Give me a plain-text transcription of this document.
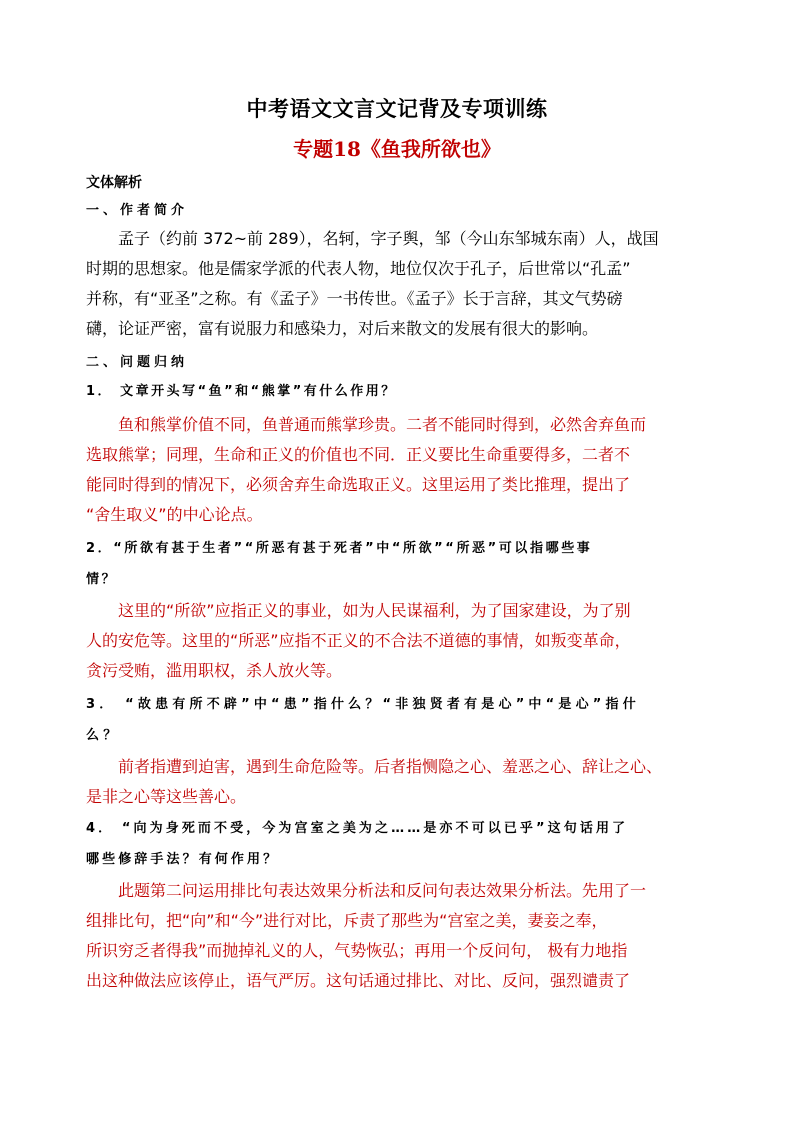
中考语文文言文记背及专项训练
专题18《鱼我所欲也》
文体解析
一、作者简介
孟子（约前 372~前 289），名轲，字子舆，邹（今山东邹城东南）人，战国
时期的思想家。他是儒家学派的代表人物，地位仅次于孔子，后世常以“孔孟”
并称，有“亚圣”之称。有《孟子》一书传世。《孟子》长于言辞，其文气势磅
礴，论证严密，富有说服力和感染力，对后来散文的发展有很大的影响。
二、问题归纳
1． 文章开头写“鱼”和“熊掌”有什么作用？
鱼和熊掌价值不同，鱼普通而熊掌珍贵。二者不能同时得到，必然舍弃鱼而
选取熊掌；同理，生命和正义的价值也不同．正义要比生命重要得多，二者不
能同时得到的情况下，必须舍弃生命选取正义。这里运用了类比推理，提出了
“舍生取义”的中心论点。
2．“所欲有甚于生者”“所恶有甚于死者”中“所欲”“所恶”可以指哪些事
情？
这里的“所欲”应指正义的事业，如为人民谋福利，为了国家建设，为了别
人的安危等。这里的“所恶”应指不正义的不合法不道德的事情，如叛变革命，
贪污受贿，滥用职权，杀人放火等。
3． “故患有所不辟”中“患”指什么？“非独贤者有是心”中“是心”指什
么？
前者指遭到迫害，遇到生命危险等。后者指恻隐之心、羞恶之心、辞让之心、
是非之心等这些善心。
4． “向为身死而不受，今为宫室之美为之……是亦不可以已乎”这句话用了
哪些修辞手法？有何作用？
此题第二问运用排比句表达效果分析法和反问句表达效果分析法。先用了一
组排比句，把“向”和“今”进行对比，斥责了那些为“宫室之美，妻妾之奉，
所识穷乏者得我”而抛掉礼义的人，气势恢弘；再用一个反问句， 极有力地指
出这种做法应该停止，语气严厉。这句话通过排比、对比、反问，强烈谴责了
